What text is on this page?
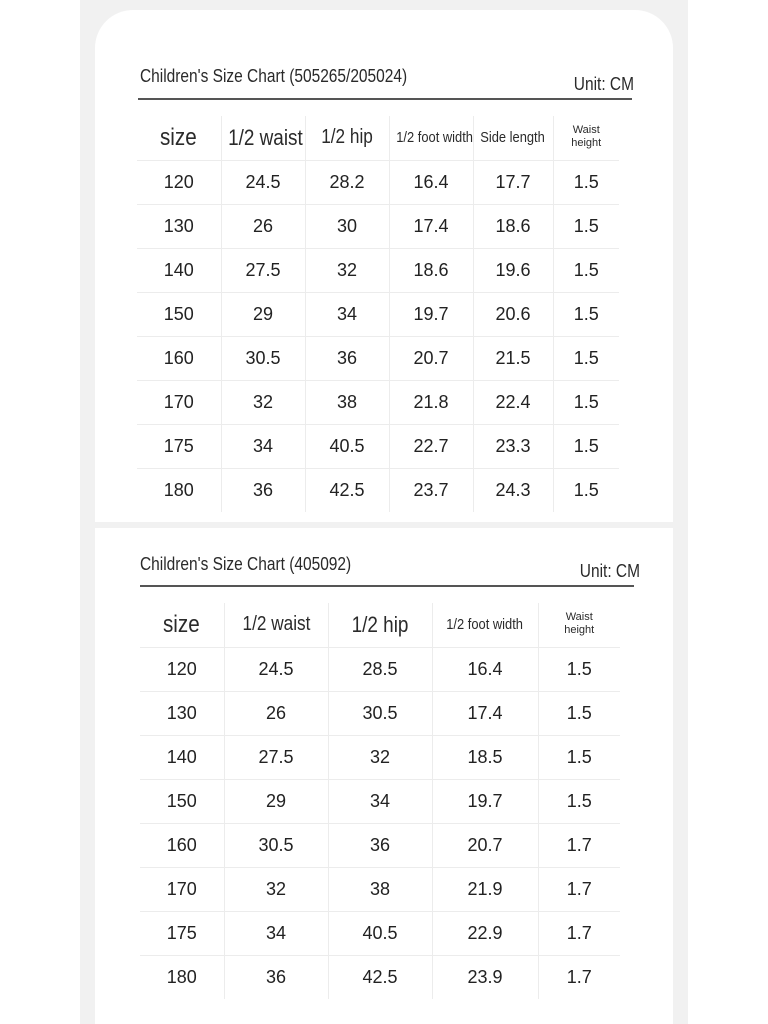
Children's Size Chart (505265/205024)	Unit: CM
size	1/2 waist	1/2 hip	1/2 foot width	Side length	Waist height
120	24.5	28.2	16.4	17.7	1.5
130	26	30	17.4	18.6	1.5
140	27.5	32	18.6	19.6	1.5
150	29	34	19.7	20.6	1.5
160	30.5	36	20.7	21.5	1.5
170	32	38	21.8	22.4	1.5
175	34	40.5	22.7	23.3	1.5
180	36	42.5	23.7	24.3	1.5
Children's Size Chart (405092)	Unit: CM
size	1/2 waist	1/2 hip	1/2 foot width	Waist height
120	24.5	28.5	16.4	1.5
130	26	30.5	17.4	1.5
140	27.5	32	18.5	1.5
150	29	34	19.7	1.5
160	30.5	36	20.7	1.7
170	32	38	21.9	1.7
175	34	40.5	22.9	1.7
180	36	42.5	23.9	1.7
